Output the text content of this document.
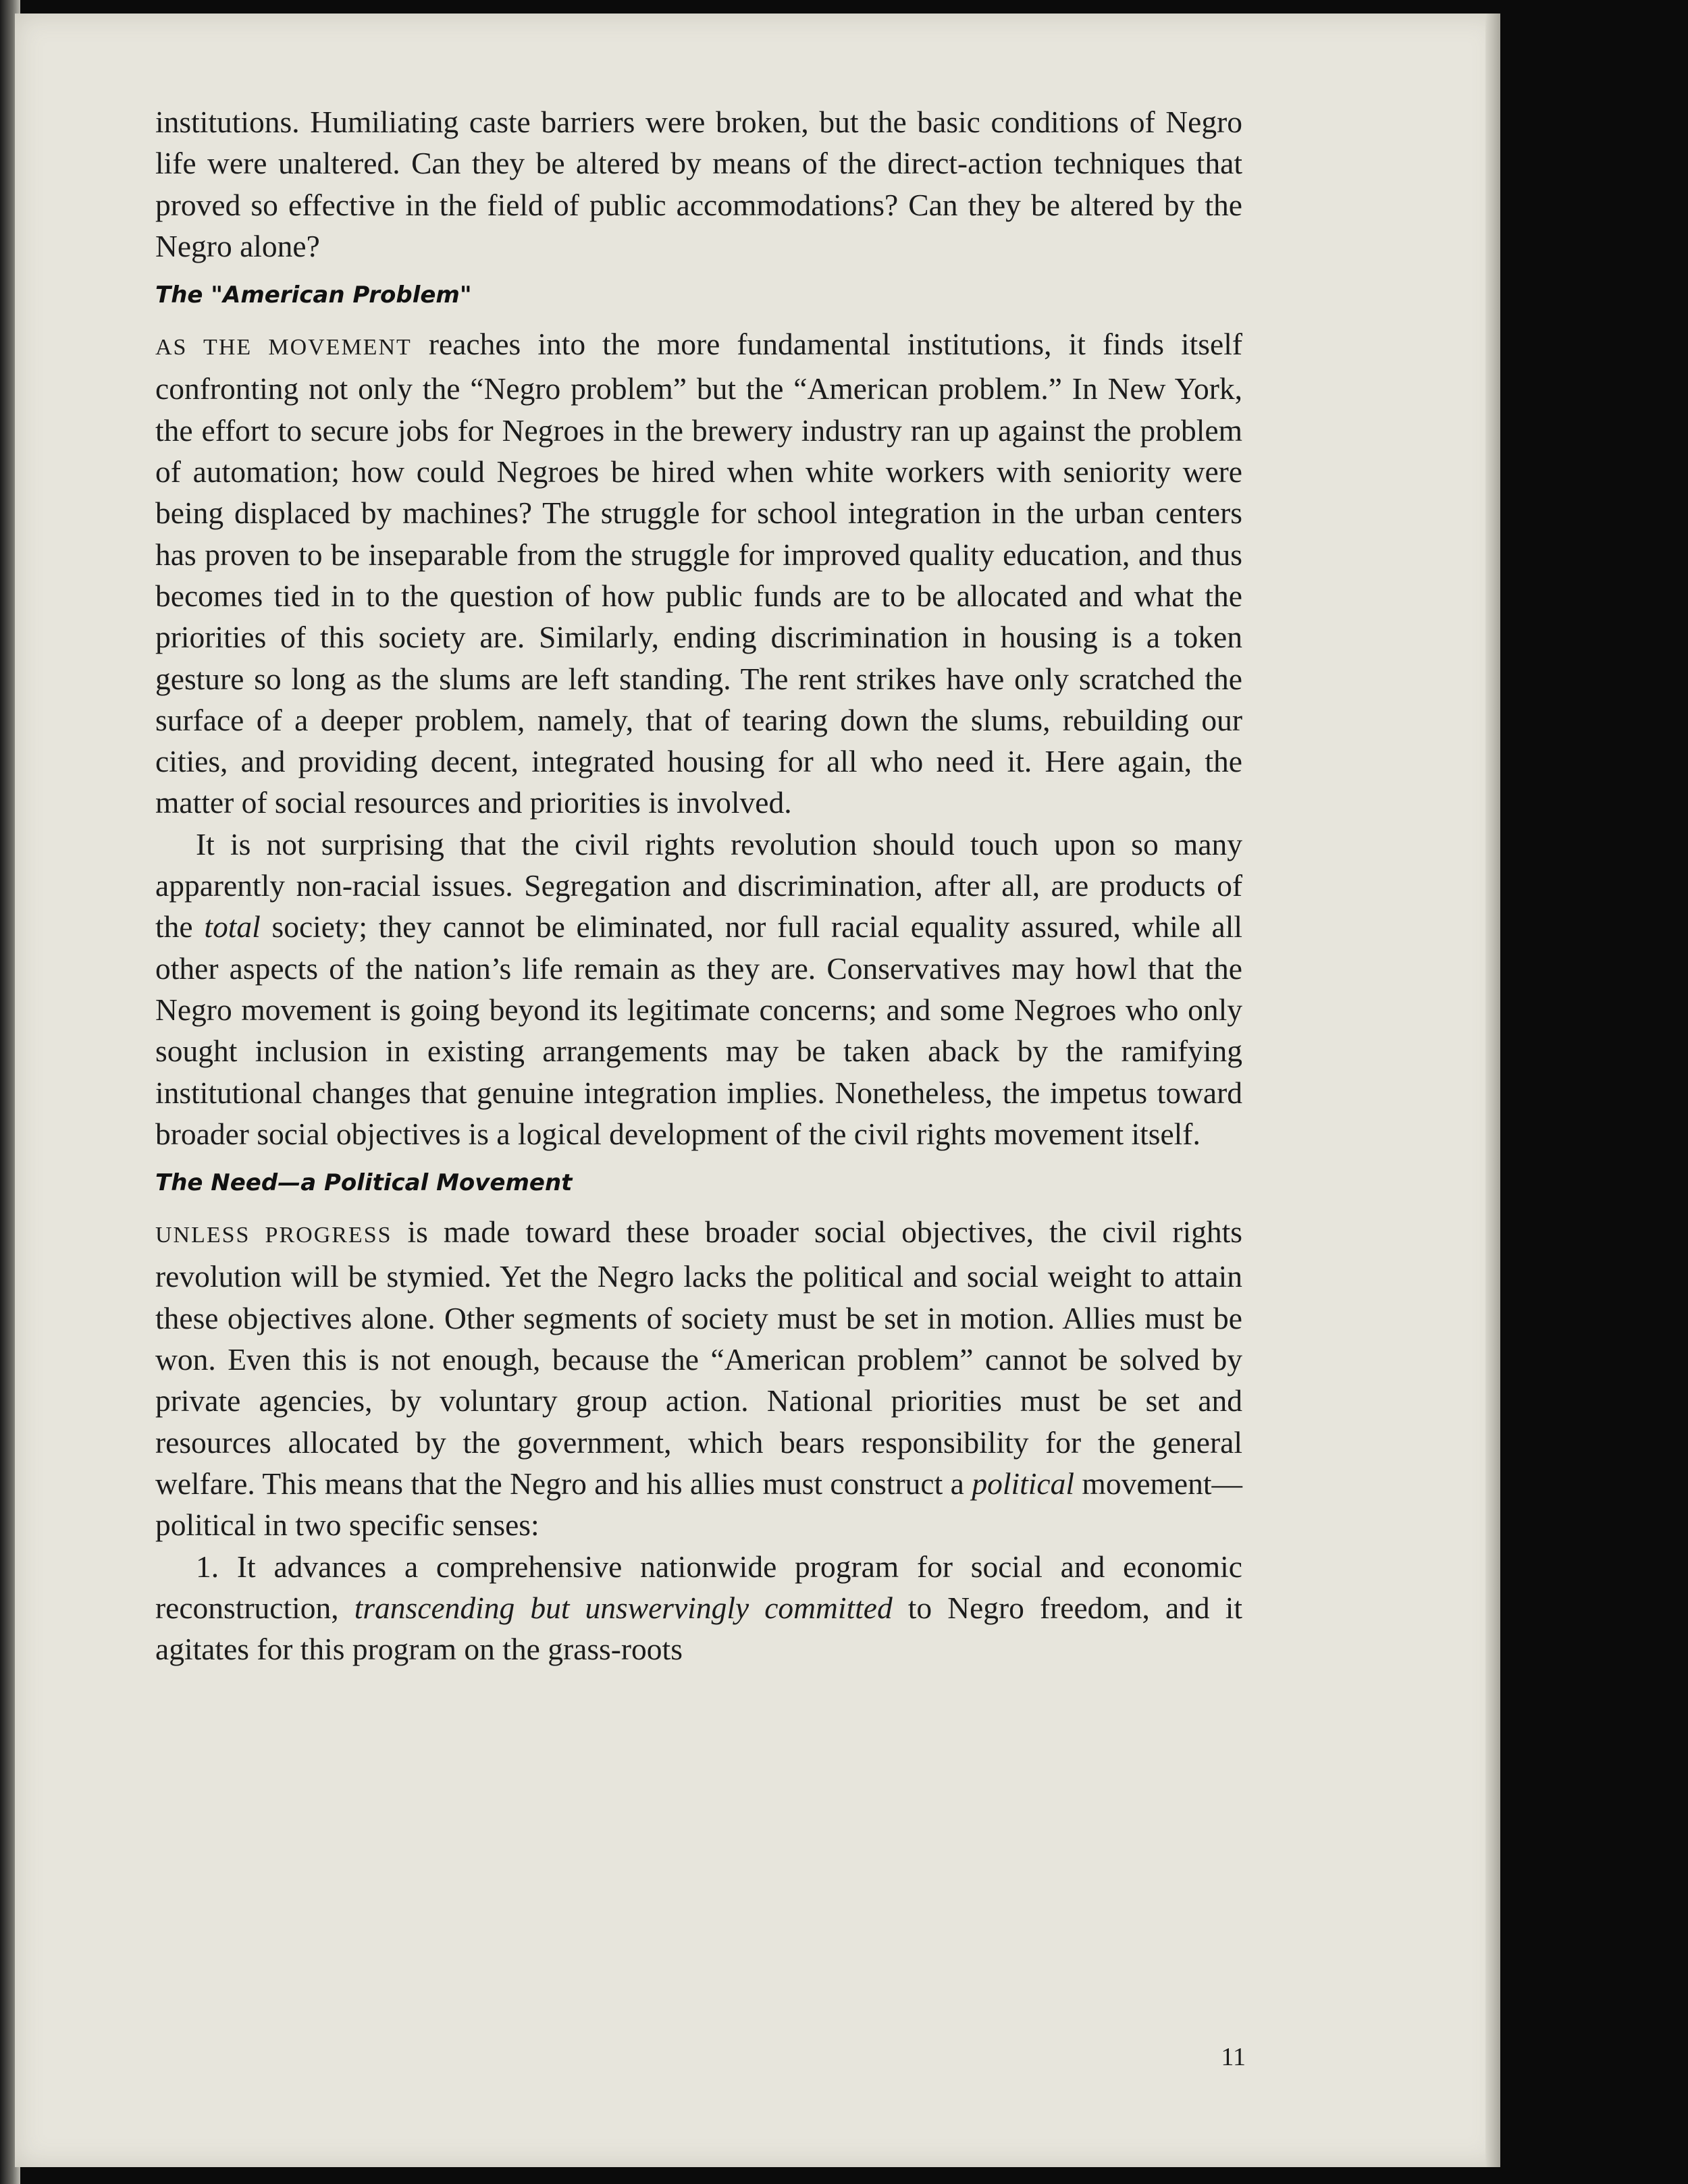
institutions. Humiliating caste barriers were broken, but the basic conditions of Negro life were unaltered. Can they be altered by means of the direct-action techniques that proved so effective in the field of public accommodations? Can they be altered by the Negro alone?

The "American Problem"

AS THE MOVEMENT reaches into the more fundamental institutions, it finds itself confronting not only the “Negro problem” but the “American problem.” In New York, the effort to secure jobs for Negroes in the brewery industry ran up against the problem of automation; how could Negroes be hired when white workers with seniority were being displaced by machines? The struggle for school integration in the urban centers has proven to be inseparable from the struggle for improved quality education, and thus becomes tied in to the question of how public funds are to be allocated and what the priorities of this society are. Similarly, ending discrimination in housing is a token gesture so long as the slums are left standing. The rent strikes have only scratched the surface of a deeper problem, namely, that of tearing down the slums, rebuilding our cities, and providing decent, integrated housing for all who need it. Here again, the matter of social resources and priorities is involved.

It is not surprising that the civil rights revolution should touch upon so many apparently non-racial issues. Segregation and discrimination, after all, are products of the total society; they cannot be eliminated, nor full racial equality assured, while all other aspects of the nation’s life remain as they are. Conservatives may howl that the Negro movement is going beyond its legitimate concerns; and some Negroes who only sought inclusion in existing arrangements may be taken aback by the ramifying institutional changes that genuine integration implies. Nonetheless, the impetus toward broader social objectives is a logical development of the civil rights movement itself.

The Need—a Political Movement

UNLESS PROGRESS is made toward these broader social objectives, the civil rights revolution will be stymied. Yet the Negro lacks the political and social weight to attain these objectives alone. Other segments of society must be set in motion. Allies must be won. Even this is not enough, because the “American problem” cannot be solved by private agencies, by voluntary group action. National priorities must be set and resources allocated by the government, which bears responsibility for the general welfare. This means that the Negro and his allies must construct a political movement—political in two specific senses:

1. It advances a comprehensive nationwide program for social and economic reconstruction, transcending but unswervingly committed to Negro freedom, and it agitates for this program on the grass-roots

11
